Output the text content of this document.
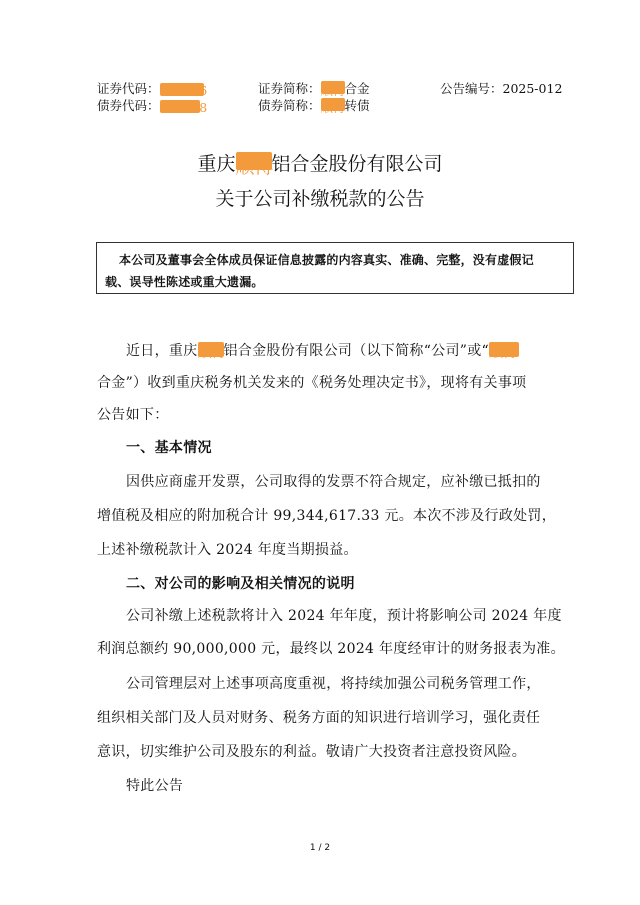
证券代码：002996	证券简称：顺博合金	公告编号：2025-012
债券代码：127068	债券简称：顺博转债
重庆顺博铝合金股份有限公司
关于公司补缴税款的公告
本公司及董事会全体成员保证信息披露的内容真实、准确、完整，没有虚假记
载、误导性陈述或重大遗漏。
近日，重庆顺博铝合金股份有限公司（以下简称“公司”或“顺博
合金”）收到重庆税务机关发来的《税务处理决定书》，现将有关事项
公告如下：
一、基本情况
因供应商虚开发票，公司取得的发票不符合规定，应补缴已抵扣的
增值税及相应的附加税合计 99,344,617.33 元。本次不涉及行政处罚，
上述补缴税款计入 2024 年度当期损益。
二、对公司的影响及相关情况的说明
公司补缴上述税款将计入 2024 年年度，预计将影响公司 2024 年度
利润总额约 90,000,000 元，最终以 2024 年度经审计的财务报表为准。
公司管理层对上述事项高度重视，将持续加强公司税务管理工作，
组织相关部门及人员对财务、税务方面的知识进行培训学习，强化责任
意识，切实维护公司及股东的利益。敬请广大投资者注意投资风险。
特此公告
1 / 2
